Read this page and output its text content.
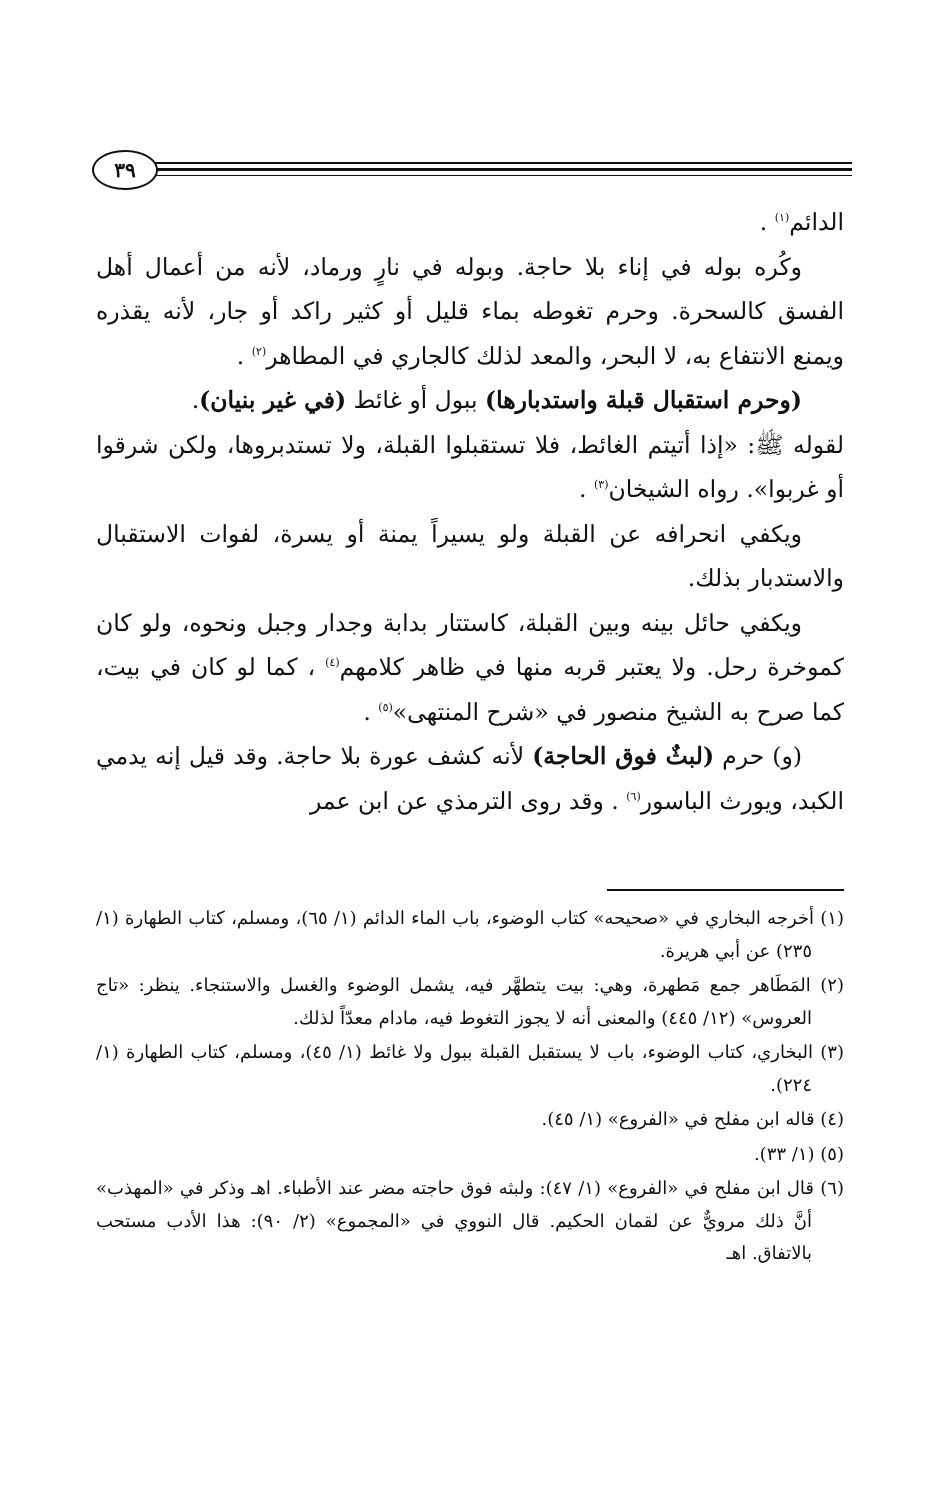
٣٩

الدائم$^{(١)}$ .

وكُره بوله في إناء بلا حاجة. وبوله في نارٍ ورماد، لأنه من أعمال أهل الفسق كالسحرة. وحرم تغوطه بماء قليل أو كثير راكد أو جار، لأنه يقذره ويمنع الانتفاع به، لا البحر، والمعد لذلك كالجاري في المطاهر$^{(٢)}$ .

(وحرم استقبال قبلة واستدبارها) ببول أو غائط (في غير بنيان).

لقوله ﷺ: «إذا أتيتم الغائط، فلا تستقبلوا القبلة، ولا تستدبروها، ولكن شرقوا أو غربوا». رواه الشيخان$^{(٣)}$ .

ويكفي انحرافه عن القبلة ولو يسيراً يمنة أو يسرة، لفوات الاستقبال والاستدبار بذلك.

ويكفي حائل بينه وبين القبلة، كاستتار بدابة وجدار وجبل ونحوه، ولو كان كموخرة رحل. ولا يعتبر قربه منها في ظاهر كلامهم$^{(٤)}$ ، كما لو كان في بيت، كما صرح به الشيخ منصور في «شرح المنتهى»$^{(٥)}$ .

(و) حرم (لبثٌ فوق الحاجة) لأنه كشف عورة بلا حاجة. وقد قيل إنه يدمي الكبد، ويورث الباسور$^{(٦)}$ . وقد روى الترمذي عن ابن عمر

(١) أخرجه البخاري في «صحيحه» كتاب الوضوء، باب الماء الدائم (١/ ٦٥)، ومسلم، كتاب الطهارة (١/ ٢٣٥) عن أبي هريرة.

(٢) المَطَاهر جمع مَطهرة، وهي: بيت يتطهَّر فيه، يشمل الوضوء والغسل والاستنجاء. ينظر: «تاج العروس» (١٢/ ٤٤٥) والمعنى أنه لا يجوز التغوط فيه، مادام معدّاً لذلك.

(٣) البخاري، كتاب الوضوء، باب لا يستقبل القبلة ببول ولا غائط (١/ ٤٥)، ومسلم، كتاب الطهارة (١/ ٢٢٤).

(٤) قاله ابن مفلح في «الفروع» (١/ ٤٥).

(٥) (١/ ٣٣).

(٦) قال ابن مفلح في «الفروع» (١/ ٤٧): ولبثه فوق حاجته مضر عند الأطباء. اهـ وذكر في «المهذب» أنَّ ذلك مرويٌّ عن لقمان الحكيم. قال النووي في «المجموع» (٢/ ٩٠): هذا الأدب مستحب بالاتفاق. اهـ
